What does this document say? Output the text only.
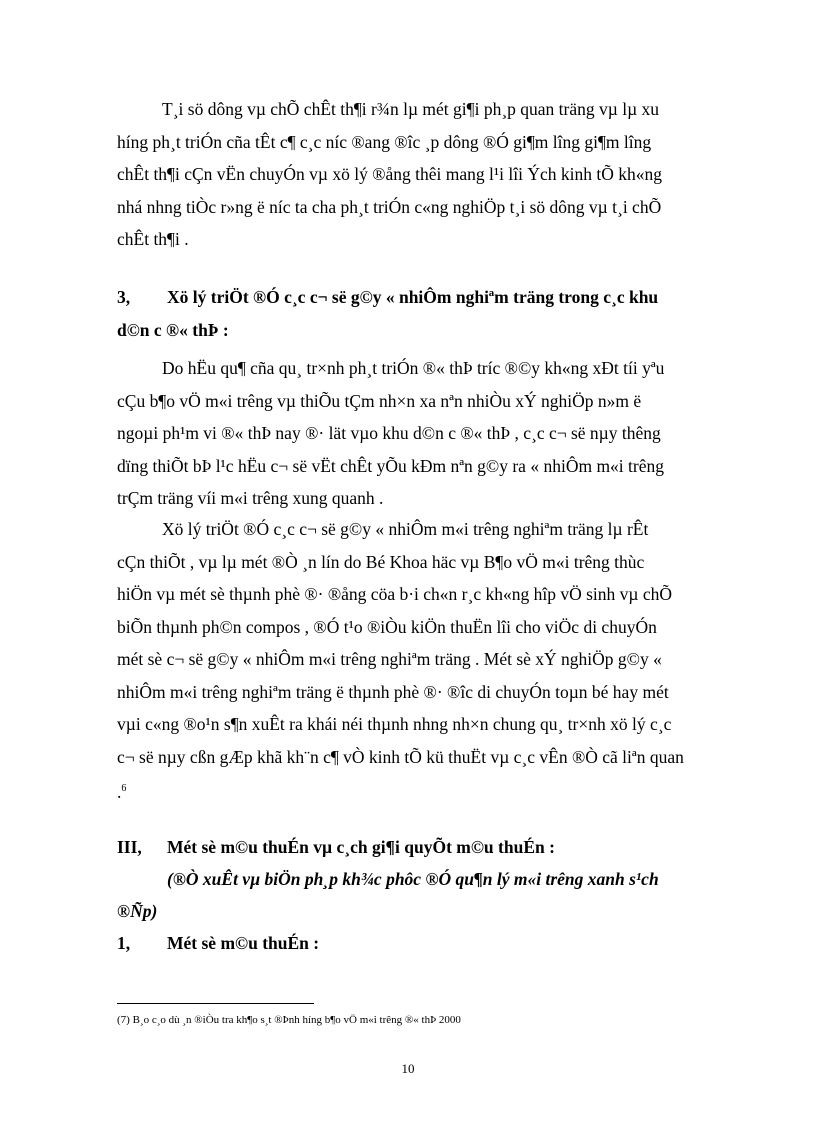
T¸i sö dông vµ chÕ chÊt th¶i r¾n lµ mét gi¶i ph¸p quan träng vµ lµ xu
híng ph¸t triÓn cña tÊt c¶ c¸c níc ®ang ®îc ¸p dông ®Ó gi¶m lîng gi¶m lîng
chÊt th¶i cÇn vËn chuyÓn vµ xö lý ®ång thêi mang l¹i lîi Ých kinh tÕ kh«ng
nhá nhng tiÒc r»ng ë níc ta cha ph¸t triÓn c«ng nghiÖp t¸i sö dông vµ t¸i chÕ
chÊt th¶i .
3, Xö lý triÖt ®Ó c¸c c¬ së g©y « nhiÔm nghiªm träng trong c¸c khu
d©n c ®« thÞ :
Do hËu qu¶ cña qu¸ tr×nh ph¸t triÓn ®« thÞ tríc ®©y kh«ng xÐt tíi yªu
cÇu b¶o vÖ m«i trêng vµ thiÕu tÇm nh×n xa nªn nhiÒu xÝ nghiÖp n»m ë
ngoµi ph¹m vi ®« thÞ nay ®· lät vµo khu d©n c ®« thÞ , c¸c c¬ së nµy thêng
dïng thiÕt bÞ l¹c hËu c¬ së vËt chÊt yÕu kÐm nªn g©y ra « nhiÔm m«i trêng
trÇm träng víi m«i trêng xung quanh .
Xö lý triÖt ®Ó c¸c c¬ së g©y « nhiÔm m«i trêng nghiªm träng lµ rÊt
cÇn thiÕt , vµ lµ mét ®Ò ¸n lín do Bé Khoa häc vµ B¶o vÖ m«i trêng thùc
hiÖn vµ mét sè thµnh phè ®· ®ång cöa b·i ch«n r¸c kh«ng hîp vÖ sinh vµ chÕ
biÕn thµnh ph©n compos , ®Ó t¹o ®iÒu kiÖn thuËn lîi cho viÖc di chuyÓn
mét sè c¬ së g©y « nhiÔm m«i trêng nghiªm träng . Mét sè xÝ nghiÖp g©y «
nhiÔm m«i trêng nghiªm träng ë thµnh phè ®· ®îc di chuyÓn toµn bé hay mét
vµi c«ng ®o¹n s¶n xuÊt ra khái néi thµnh nhng nh×n chung qu¸ tr×nh xö lý c¸c
c¬ së nµy cßn gÆp khã kh¨n c¶ vÒ kinh tÕ kü thuËt vµ c¸c vÊn ®Ò cã liªn quan
.$^6$
III, Mét sè m©u thuÉn vµ c¸ch gi¶i quyÕt m©u thuÉn :
(®Ò xuÊt vµ biÖn ph¸p kh¾c phôc ®Ó qu¶n lý m«i trêng xanh s¹ch
®Ñp)
1, Mét sè m©u thuÉn :
(7) B¸o c¸o dù ¸n ®iÒu tra kh¶o s¸t ®Þnh híng b¶o vÖ m«i trêng ®« thÞ 2000
10
